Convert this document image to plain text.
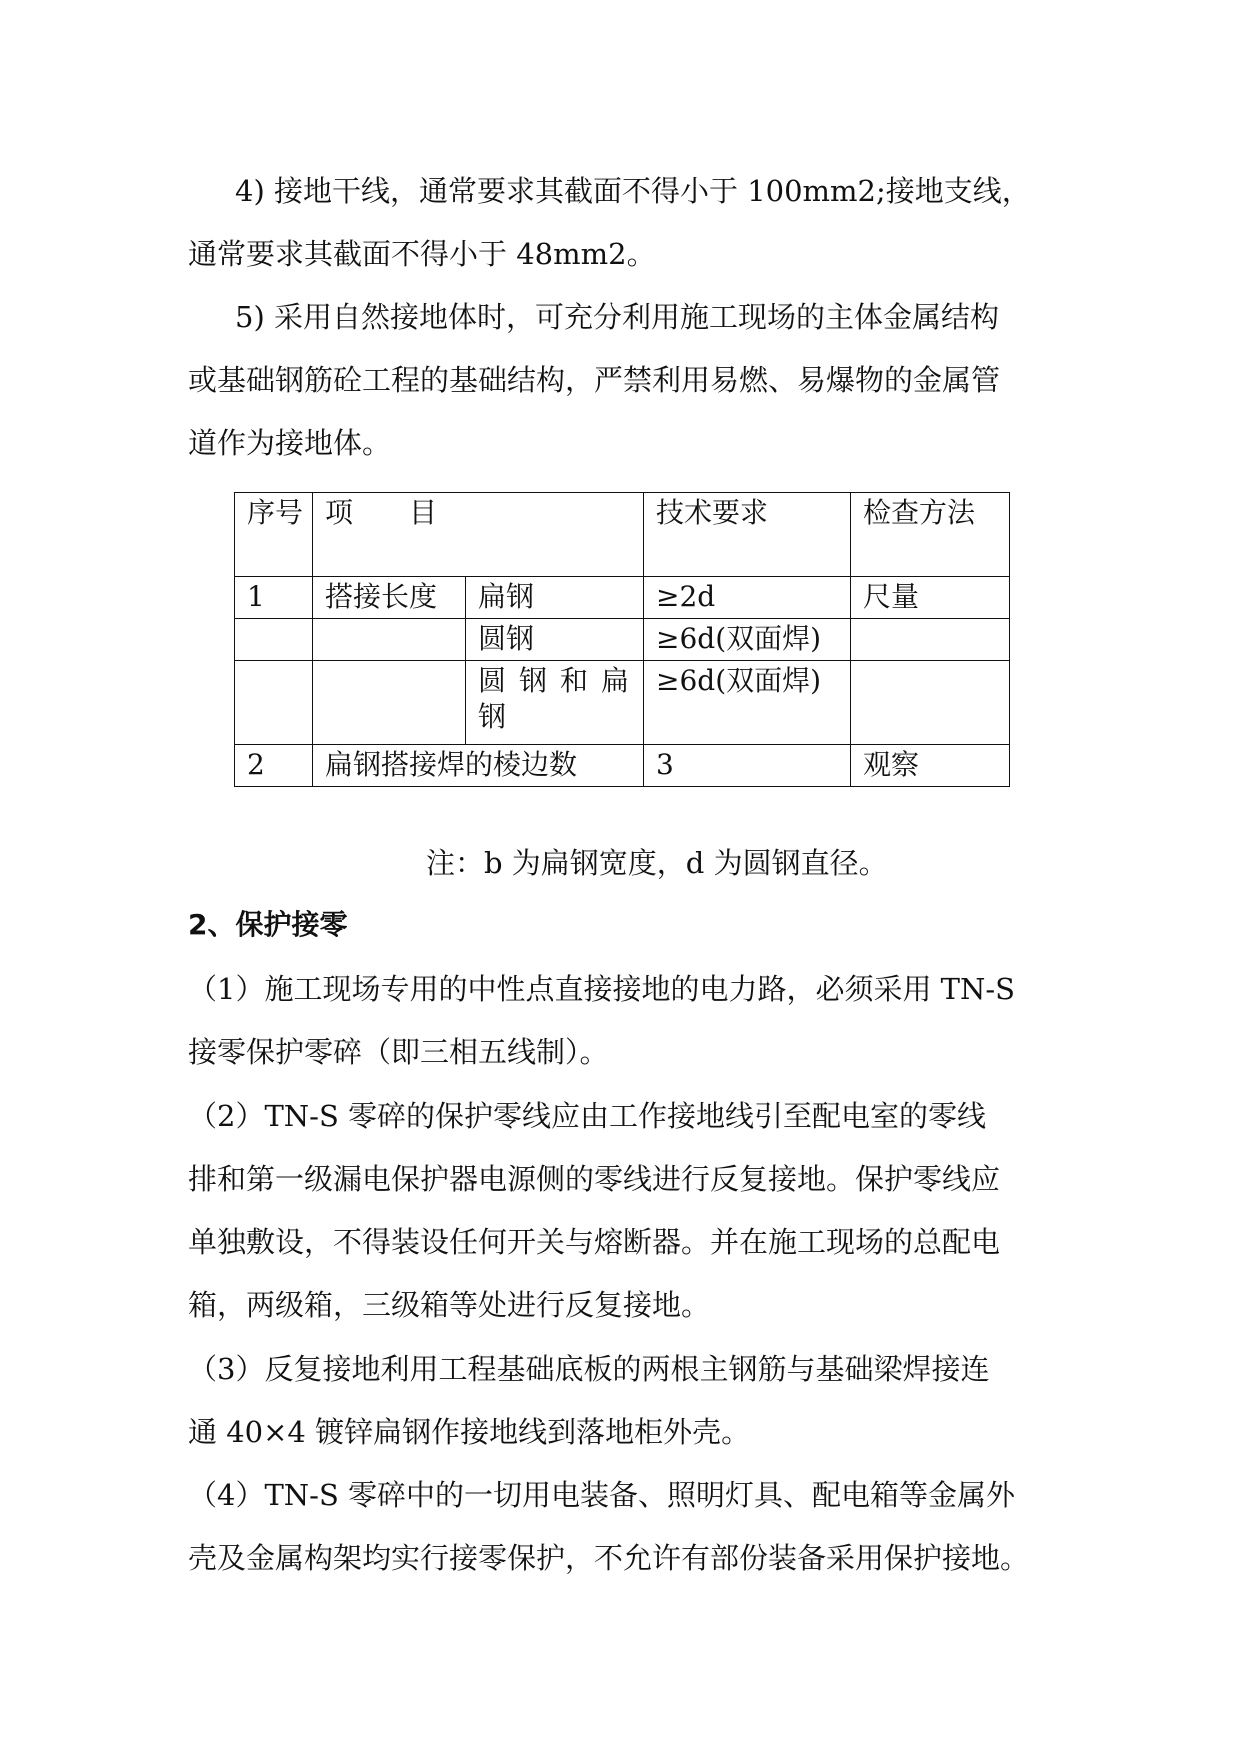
4) 接地干线，通常要求其截面不得小于 100mm2;接地支线，
通常要求其截面不得小于 48mm2。
5) 采用自然接地体时，可充分利用施工现场的主体金属结构
或基础钢筋砼工程的基础结构，严禁利用易燃、易爆物的金属管
道作为接地体。
序号	项　　目		技术要求	检查方法
1	搭接长度	扁钢	≥2d	尺量
		圆钢	≥6d(双面焊)	
		圆钢和扁钢	≥6d(双面焊)	
2	扁钢搭接焊的棱边数		3	观察
注：b 为扁钢宽度，d 为圆钢直径。
2、保护接零
（1）施工现场专用的中性点直接接地的电力路，必须采用 TN-S
接零保护零碎（即三相五线制）。
（2）TN-S 零碎的保护零线应由工作接地线引至配电室的零线
排和第一级漏电保护器电源侧的零线进行反复接地。保护零线应
单独敷设，不得装设任何开关与熔断器。并在施工现场的总配电
箱，两级箱，三级箱等处进行反复接地。
（3）反复接地利用工程基础底板的两根主钢筋与基础梁焊接连
通 40×4 镀锌扁钢作接地线到落地柜外壳。
（4）TN-S 零碎中的一切用电装备、照明灯具、配电箱等金属外
壳及金属构架均实行接零保护，不允许有部份装备采用保护接地。
